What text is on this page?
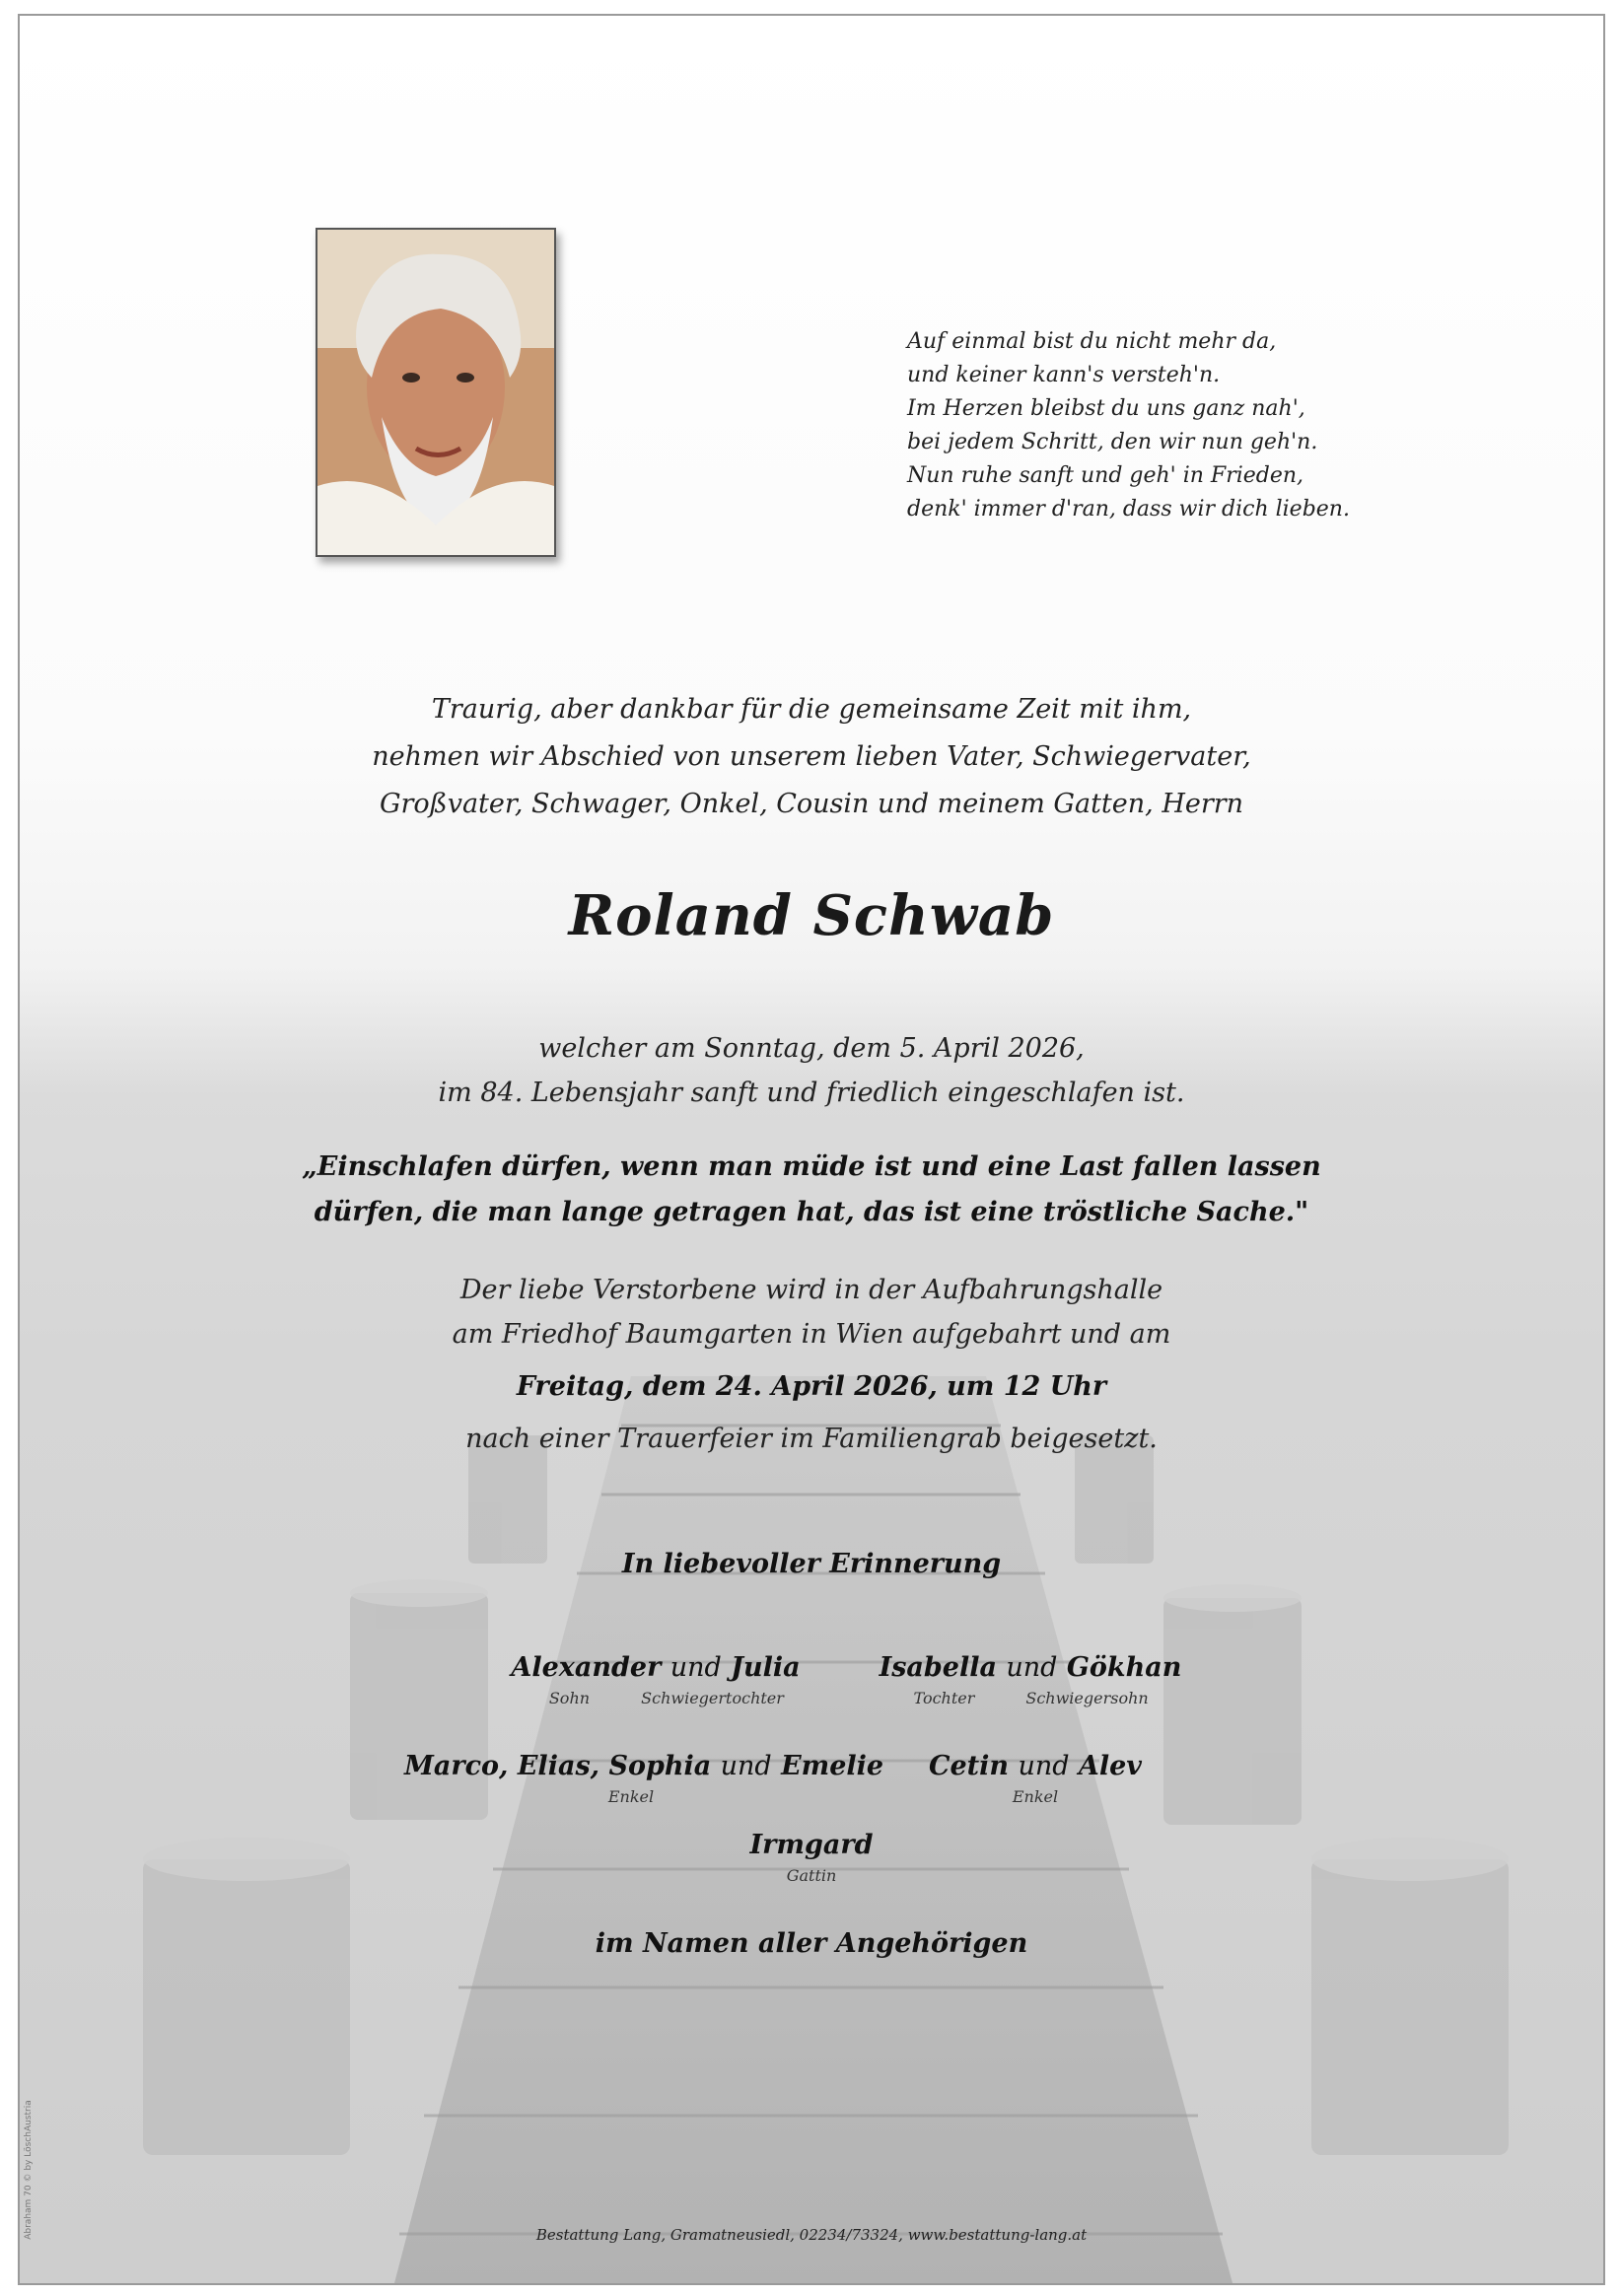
Auf einmal bist du nicht mehr da,
und keiner kann's versteh'n.
Im Herzen bleibst du uns ganz nah',
bei jedem Schritt, den wir nun geh'n.
Nun ruhe sanft und geh' in Frieden,
denk' immer d'ran, dass wir dich lieben.
Traurig, aber dankbar für die gemeinsame Zeit mit ihm,
nehmen wir Abschied von unserem lieben Vater, Schwiegervater,
Großvater, Schwager, Onkel, Cousin und meinem Gatten, Herrn
Roland Schwab
welcher am Sonntag, dem 5. April 2026,
im 84. Lebensjahr sanft und friedlich eingeschlafen ist.
„Einschlafen dürfen, wenn man müde ist und eine Last fallen lassen
dürfen, die man lange getragen hat, das ist eine tröstliche Sache."
Der liebe Verstorbene wird in der Aufbahrungshalle
am Friedhof Baumgarten in Wien aufgebahrt und am
Freitag, dem 24. April 2026, um 12 Uhr
nach einer Trauerfeier im Familiengrab beigesetzt.
In liebevoller Erinnerung
Alexander und Julia
Sohn	Schwiegertochter
Isabella und Gökhan
Tochter	Schwiegersohn
Marco, Elias, Sophia und Emelie
Enkel
Cetin und Alev
Enkel
Irmgard
Gattin
im Namen aller Angehörigen
Bestattung Lang, Gramatneusiedl, 02234/73324, www.bestattung-lang.at
Abraham 70 © by LöschAustria
